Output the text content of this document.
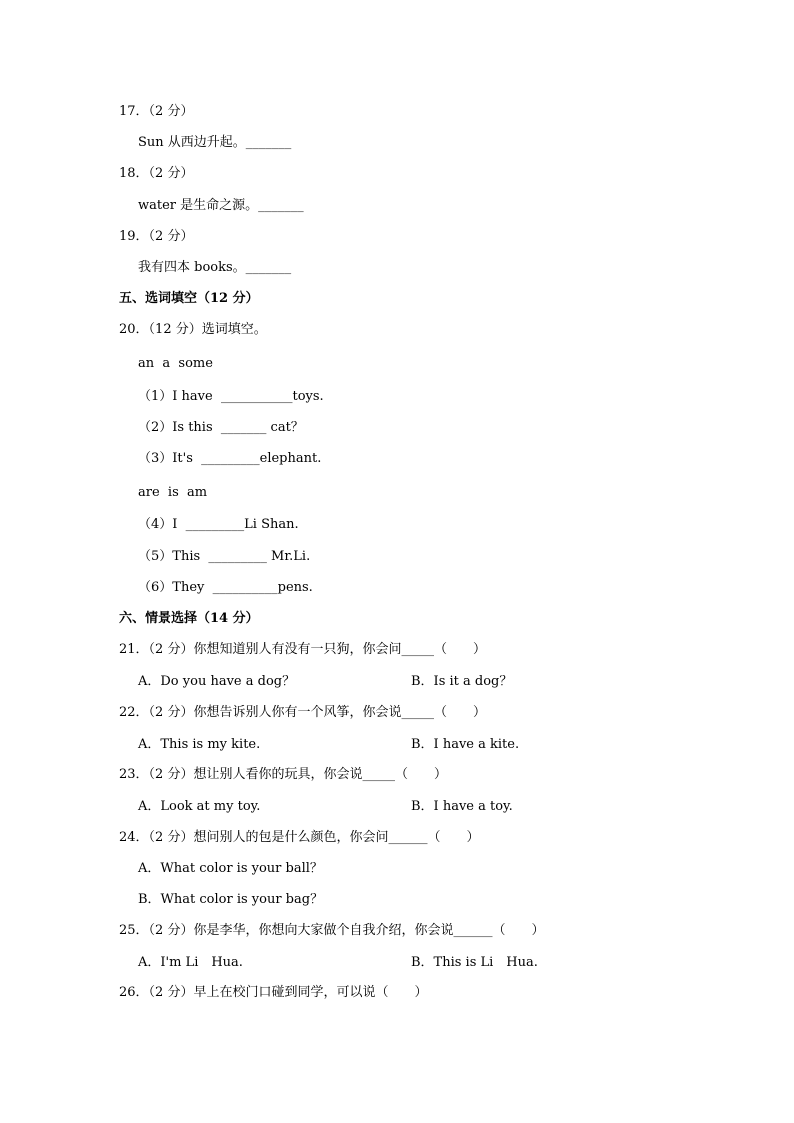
17．（2 分）
Sun 从西边升起。_______
18．（2 分）
water 是生命之源。_______
19．（2 分）
我有四本 books。_______
五、选词填空（12 分）
20．（12 分）选词填空。
an  a  some
（1）I have  ___________toys.
（2）Is this  _______ cat？
（3）It's  _________elephant.
are  is  am
（4）I  _________Li Shan.
（5）This  _________ Mr.Li.
（6）They  __________pens.
六、情景选择（14 分）
21．（2 分）你想知道别人有没有一只狗，你会问_____（　　）
A．Do you have a dog？	B．Is it a dog？
22．（2 分）你想告诉别人你有一个风筝，你会说_____（　　）
A．This is my kite.	B．I have a kite.
23．（2 分）想让别人看你的玩具，你会说_____（　　）
A．Look at my toy.	B．I have a toy.
24．（2 分）想问别人的包是什么颜色，你会问______（　　）
A．What color is your ball？
B．What color is your bag？
25．（2 分）你是李华，你想向大家做个自我介绍，你会说______（　　）
A．I'm Li　Hua.	B．This is Li　Hua.
26．（2 分）早上在校门口碰到同学，可以说（　　）
